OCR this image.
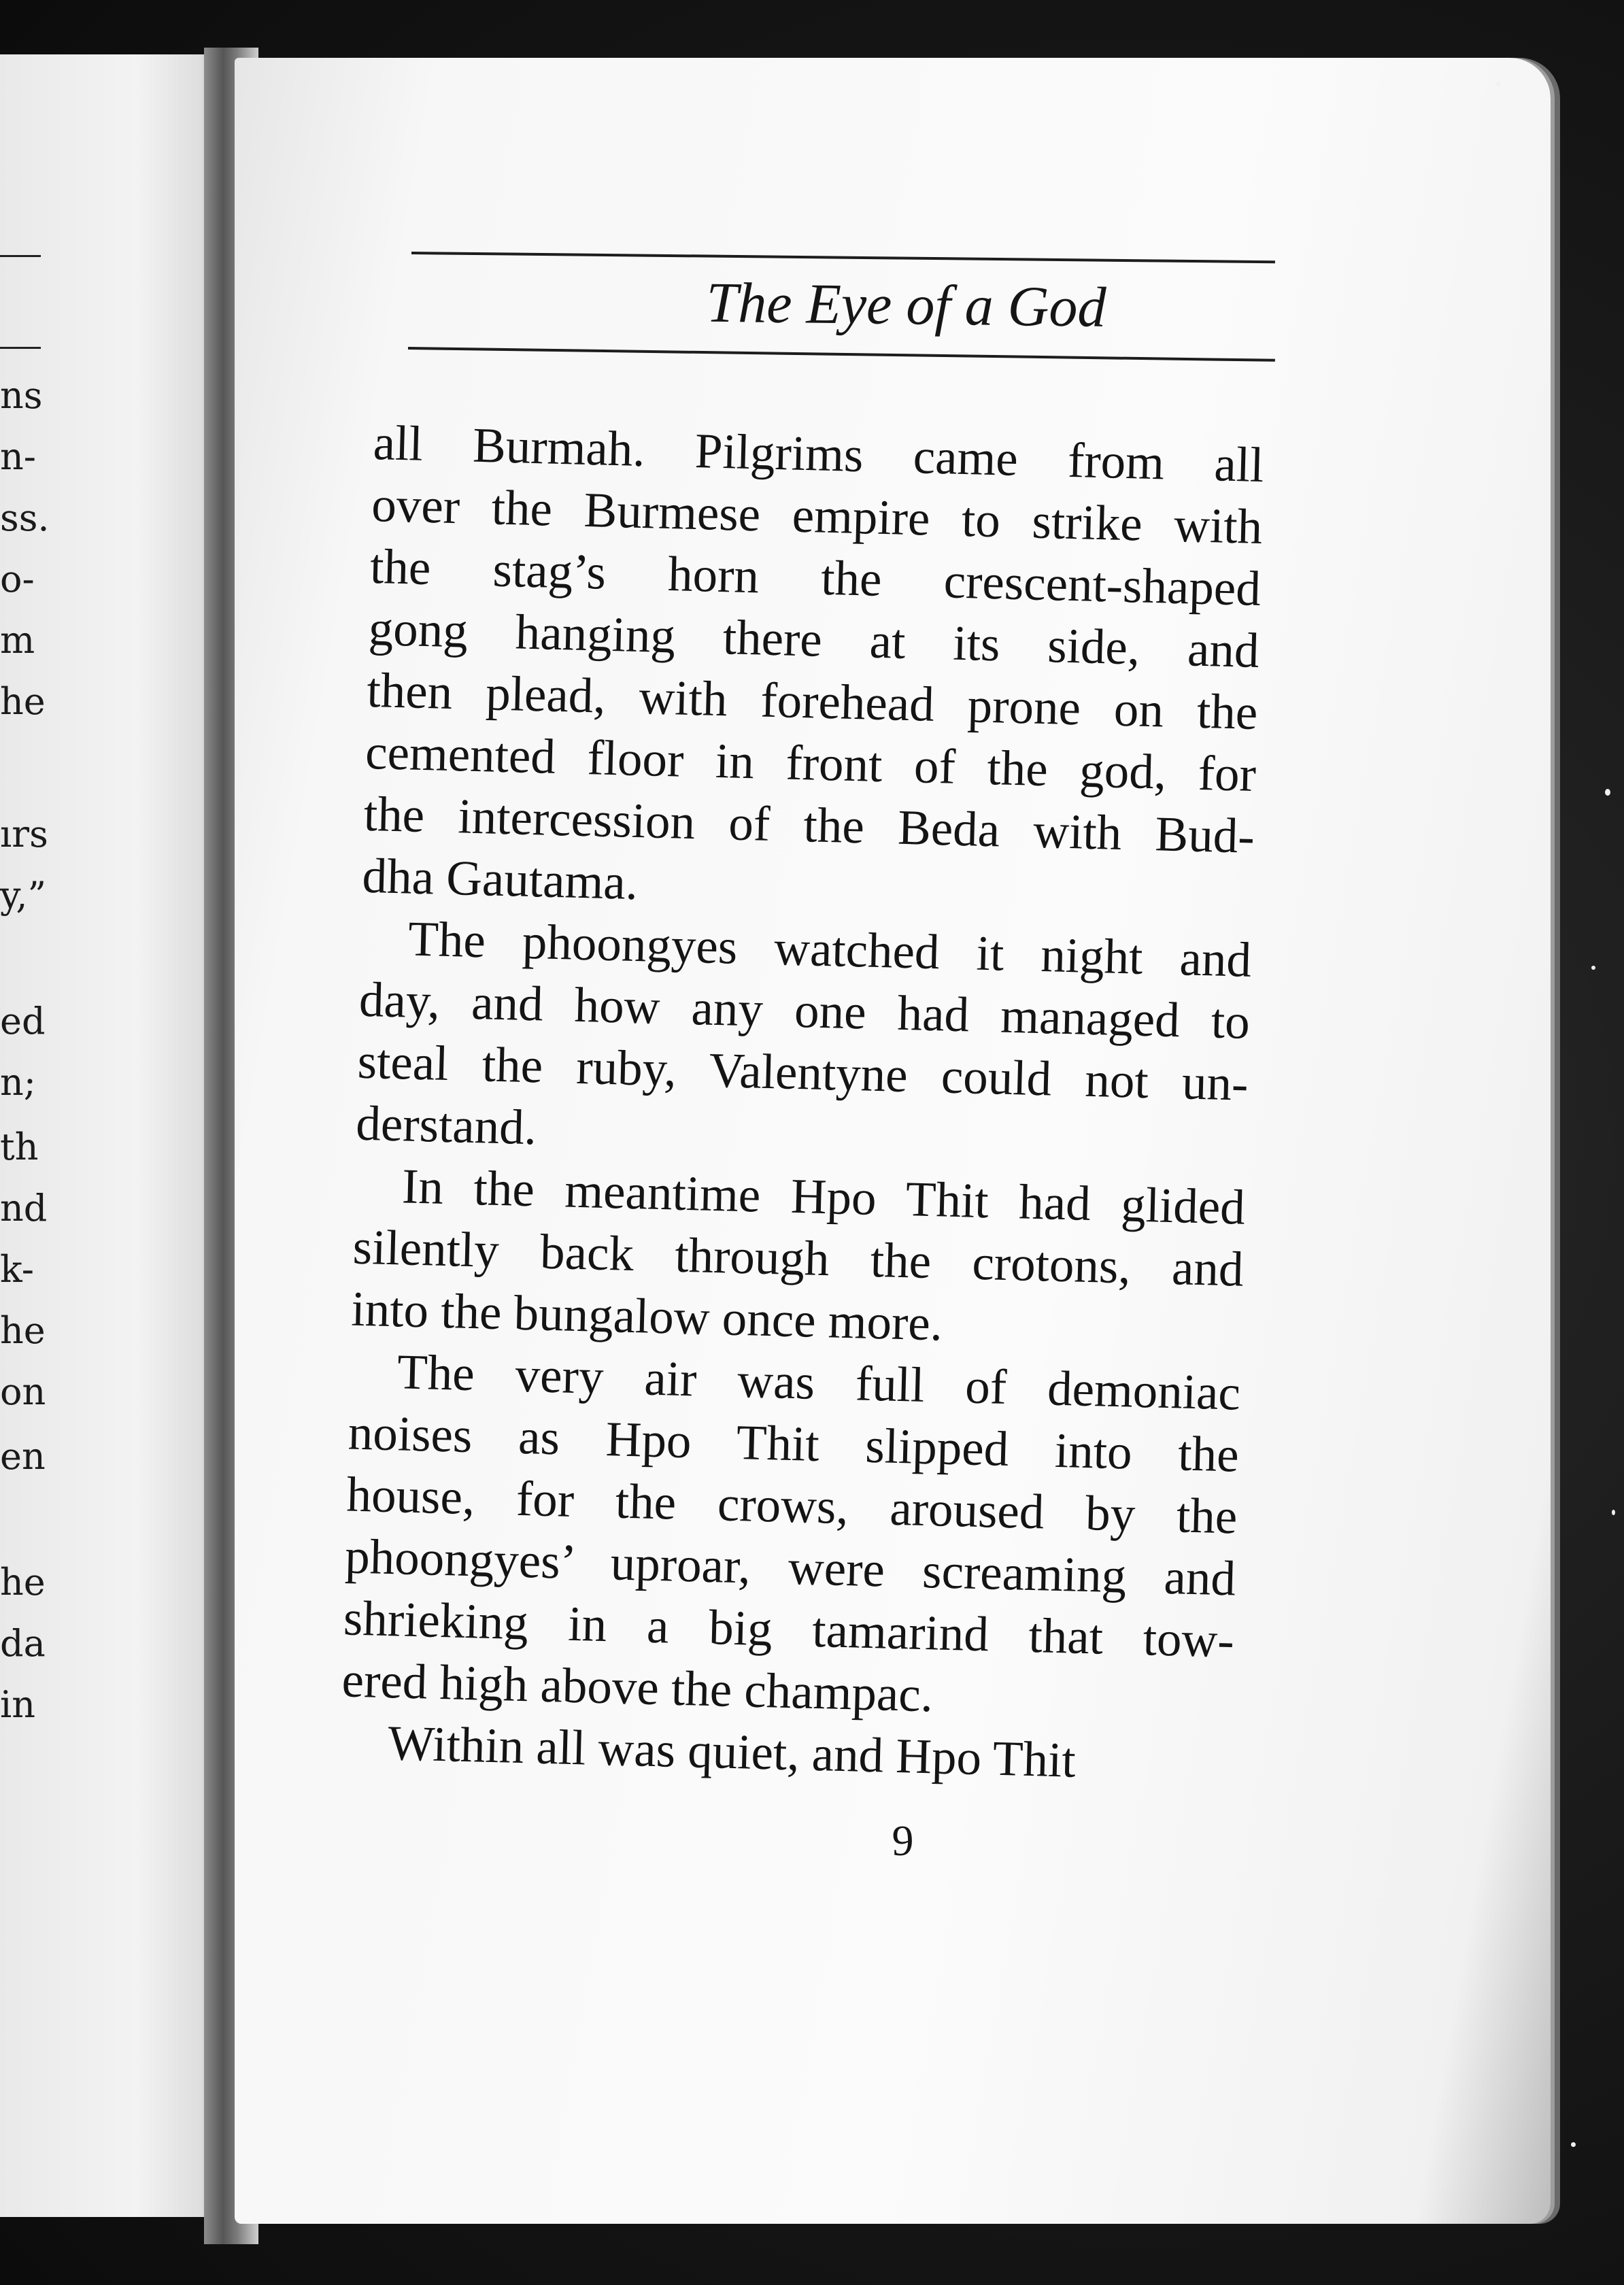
ns
n-
ss.
o-
m
he
ırs
y,”
ed
n;
th
nd
k-
he
on
en
he
da
in
The Eye of a God
all Burmah. Pilgrims came from all
over the Burmese empire to strike with
the stag’s horn the crescent-shaped
gong hanging there at its side, and
then plead, with forehead prone on the
cemented floor in front of the god, for
the intercession of the Beda with Bud-
dha Gautama.
The phoongyes watched it night and
day, and how any one had managed to
steal the ruby, Valentyne could not un-
derstand.
In the meantime Hpo Thit had glided
silently back through the crotons, and
into the bungalow once more.
The very air was full of demoniac
noises as Hpo Thit slipped into the
house, for the crows, aroused by the
phoongyes’ uproar, were screaming and
shrieking in a big tamarind that tow-
ered high above the champac.
Within all was quiet, and Hpo Thit
9
